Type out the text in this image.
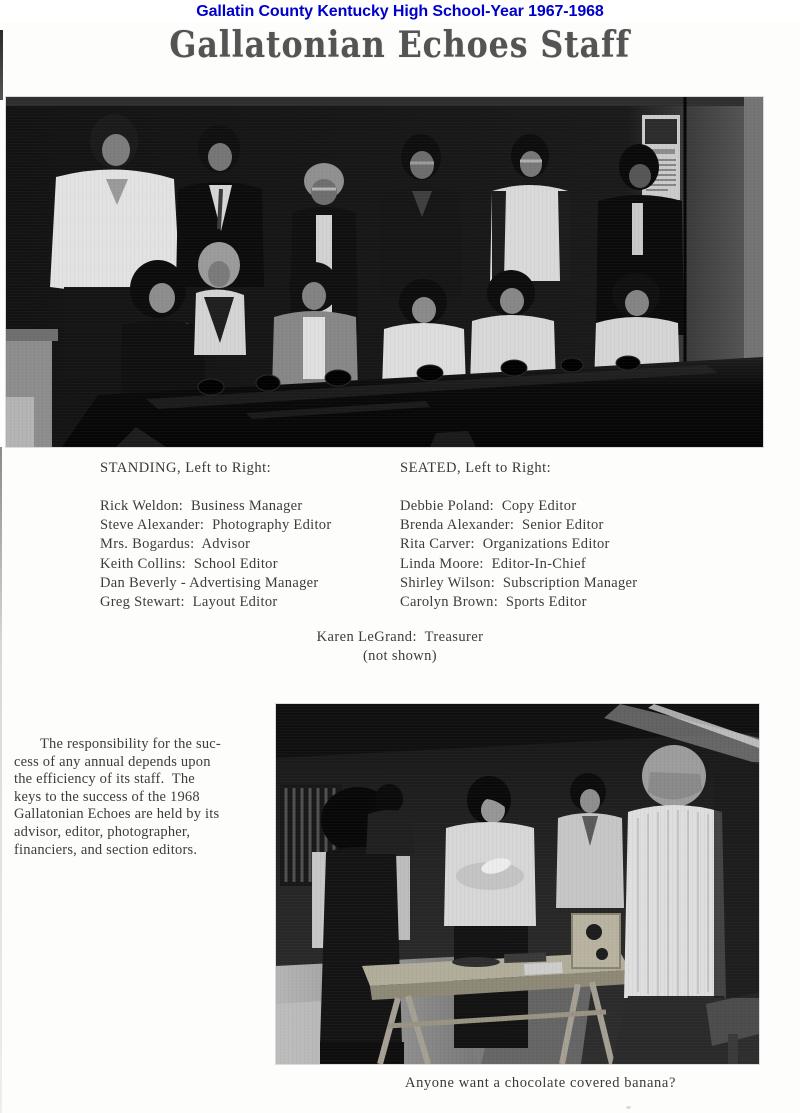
Gallatin County Kentucky High School-Year 1967-1968
Gallatonian Echoes Staff
STANDING, Left to Right:
Rick Weldon:  Business Manager
Steve Alexander:  Photography Editor
Mrs. Bogardus:  Advisor
Keith Collins:  School Editor
Dan Beverly - Advertising Manager
Greg Stewart:  Layout Editor
SEATED, Left to Right:
Debbie Poland:  Copy Editor
Brenda Alexander:  Senior Editor
Rita Carver:  Organizations Editor
Linda Moore:  Editor-In-Chief
Shirley Wilson:  Subscription Manager
Carolyn Brown:  Sports Editor
Karen LeGrand:  Treasurer
(not shown)
The responsibility for the suc-
cess of any annual depends upon
the efficiency of its staff.  The
keys to the success of the 1968
Gallatonian Echoes are held by its
advisor, editor, photographer,
financiers, and section editors.
Anyone want a chocolate covered banana?
